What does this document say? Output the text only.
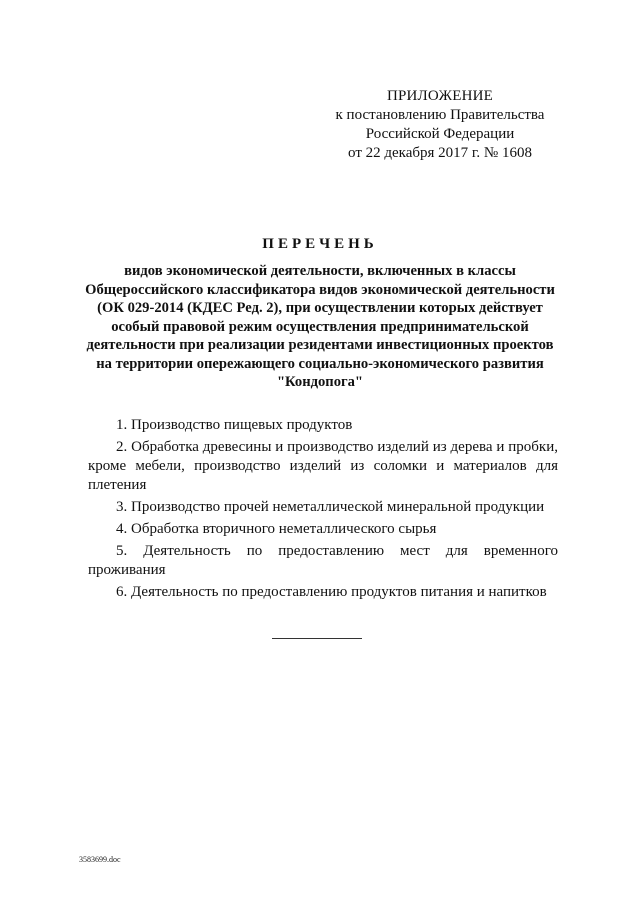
ПРИЛОЖЕНИЕ
к постановлению Правительства
Российской Федерации
от 22 декабря 2017 г. № 1608
ПЕРЕЧЕНЬ
видов экономической деятельности, включенных в классы
Общероссийского классификатора видов экономической деятельности
(ОК 029-2014 (КДЕС Ред. 2), при осуществлении которых действует
особый правовой режим осуществления предпринимательской
деятельности при реализации резидентами инвестиционных проектов
на территории опережающего социально-экономического развития
"Кондопога"
1. Производство пищевых продуктов
2. Обработка древесины и производство изделий из дерева и пробки,
кроме мебели, производство изделий из соломки и материалов для
плетения
3. Производство прочей неметаллической минеральной продукции
4. Обработка вторичного неметаллического сырья
5. Деятельность по предоставлению мест для временного
проживания
6. Деятельность по предоставлению продуктов питания и напитков
3583699.doc
